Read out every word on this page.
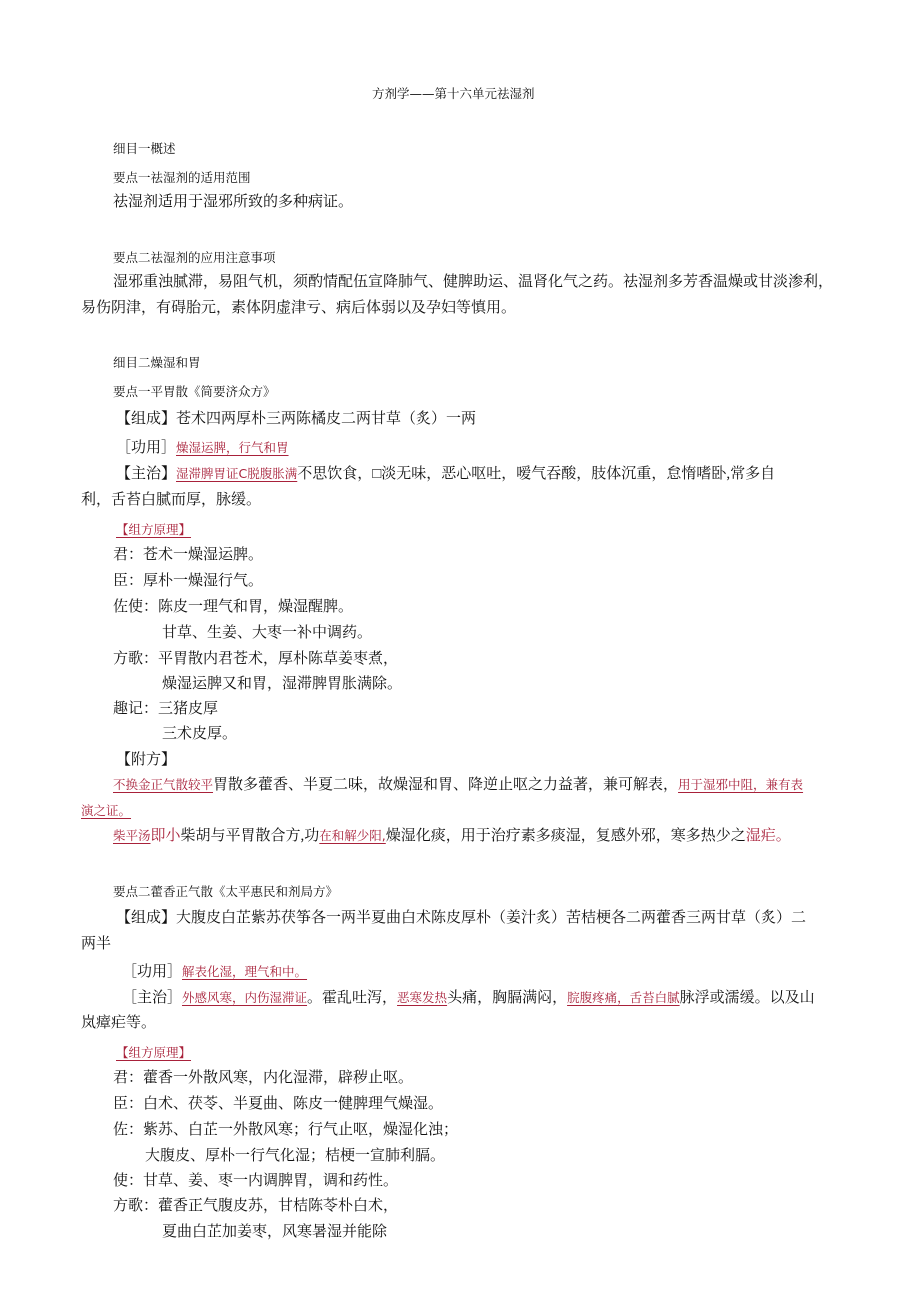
方剂学——第十六单元祛湿剂
细目一概述
要点一祛湿剂的适用范围
祛湿剂适用于湿邪所致的多种病证。
要点二祛湿剂的应用注意事项
湿邪重浊腻滞，易阻气机，须酌情配伍宣降肺气、健脾助运、温肾化气之药。祛湿剂多芳香温燥或甘淡渗利，
易伤阴津，有碍胎元，素体阴虚津亏、病后体弱以及孕妇等慎用。
细目二燥湿和胃
要点一平胃散《简要济众方》
【组成】苍术四两厚朴三两陈橘皮二两甘草（炙）一两
［功用］燥湿运脾，行气和胃
【主治】湿滞脾胃证C脱腹胀满不思饮食，□淡无味，恶心呕吐，嗳气吞酸，肢体沉重，怠惰嗜卧,常多自
利，舌苔白腻而厚，脉缓。
【组方原理】
君：苍术一燥湿运脾。
臣：厚朴一燥湿行气。
佐使：陈皮一理气和胃，燥湿醒脾。
甘草、生姜、大枣一补中调药。
方歌：平胃散内君苍术，厚朴陈草姜枣煮，
燥湿运脾又和胃，湿滞脾胃胀满除。
趣记：三猪皮厚
三术皮厚。
【附方】
不换金正气散较平胃散多藿香、半夏二味，故燥湿和胃、降逆止呕之力益著，兼可解表，用于湿邪中阻，兼有表
演之证。
柴平汤即小柴胡与平胃散合方,功在和解少阳,燥湿化痰，用于治疗素多痰湿，复感外邪，寒多热少之湿疟。
要点二藿香正气散《太平惠民和剂局方》
【组成】大腹皮白芷紫苏茯筝各一两半夏曲白术陈皮厚朴（姜汁炙）苦桔梗各二两藿香三两甘草（炙）二
两半
［功用］解表化湿，理气和中。
［主治］外感风寒，内伤湿滞证。霍乱吐泻，恶寒发热头痛，胸膈满闷，脘腹疼痛，舌苔白腻脉浮或濡缓。以及山
岚瘴疟等。
【组方原理】
君：藿香一外散风寒，内化湿滞，辟秽止呕。
臣：白术、茯苓、半夏曲、陈皮一健脾理气燥湿。
佐：紫苏、白芷一外散风寒；行气止呕，燥湿化浊；
大腹皮、厚朴一行气化湿；桔梗一宣肺利膈。
使：甘草、姜、枣一内调脾胃，调和药性。
方歌：藿香正气腹皮苏，甘桔陈苓朴白术，
夏曲白芷加姜枣，风寒暑湿并能除
